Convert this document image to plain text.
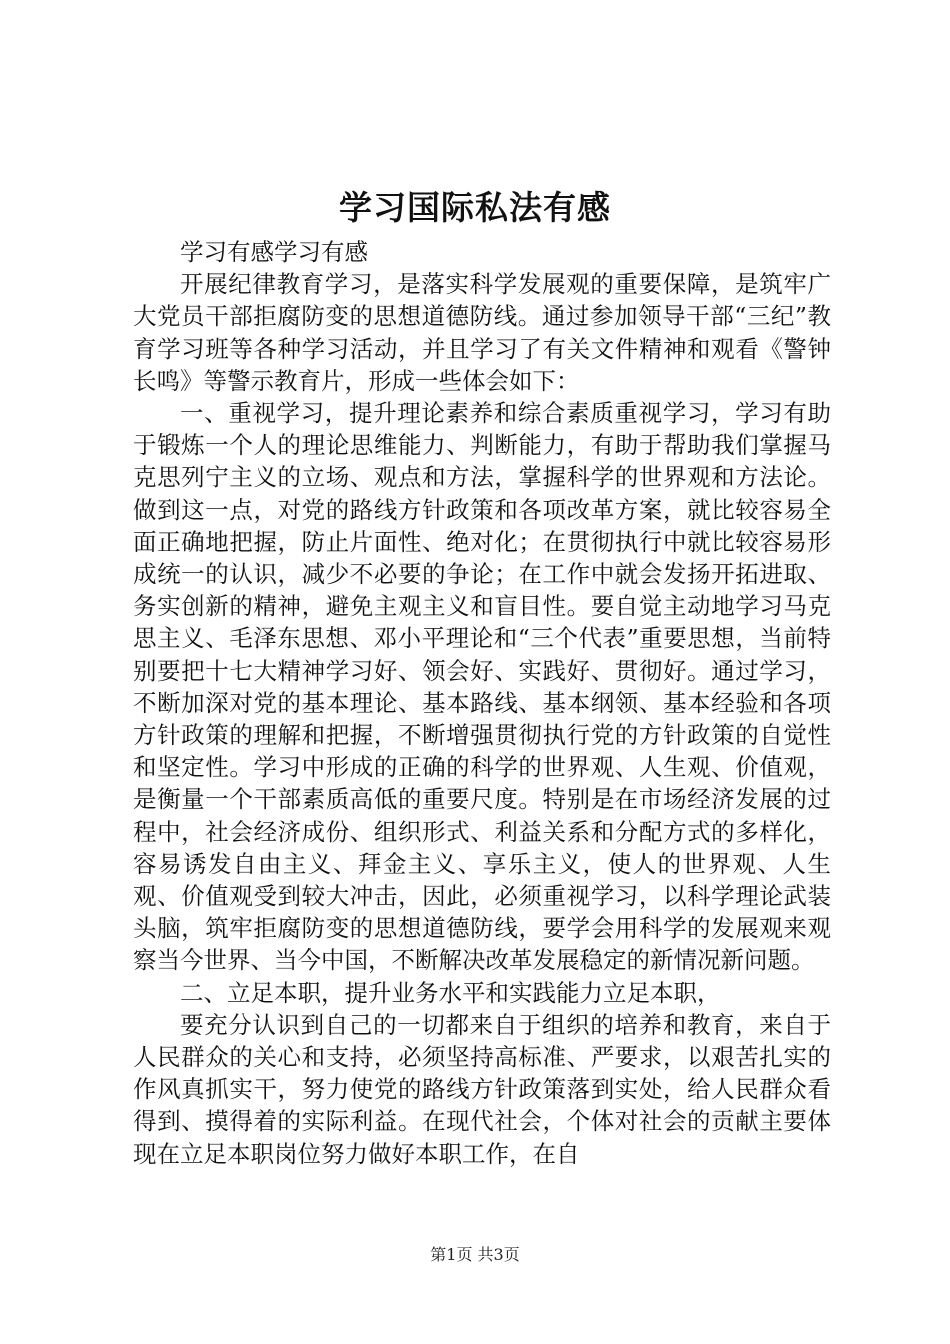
学习国际私法有感

学习有感学习有感

开展纪律教育学习，是落实科学发展观的重要保障，是筑牢广大党员干部拒腐防变的思想道德防线。通过参加领导干部“三纪”教育学习班等各种学习活动，并且学习了有关文件精神和观看《警钟长鸣》等警示教育片，形成一些体会如下：

一、重视学习，提升理论素养和综合素质重视学习，学习有助于锻炼一个人的理论思维能力、判断能力，有助于帮助我们掌握马克思列宁主义的立场、观点和方法，掌握科学的世界观和方法论。做到这一点，对党的路线方针政策和各项改革方案，就比较容易全面正确地把握，防止片面性、绝对化；在贯彻执行中就比较容易形成统一的认识，减少不必要的争论；在工作中就会发扬开拓进取、务实创新的精神，避免主观主义和盲目性。要自觉主动地学习马克思主义、毛泽东思想、邓小平理论和“三个代表”重要思想，当前特别要把十七大精神学习好、领会好、实践好、贯彻好。通过学习，不断加深对党的基本理论、基本路线、基本纲领、基本经验和各项方针政策的理解和把握，不断增强贯彻执行党的方针政策的自觉性和坚定性。学习中形成的正确的科学的世界观、人生观、价值观，是衡量一个干部素质高低的重要尺度。特别是在市场经济发展的过程中，社会经济成份、组织形式、利益关系和分配方式的多样化，容易诱发自由主义、拜金主义、享乐主义，使人的世界观、人生观、价值观受到较大冲击，因此，必须重视学习，以科学理论武装头脑，筑牢拒腐防变的思想道德防线，要学会用科学的发展观来观察当今世界、当今中国，不断解决改革发展稳定的新情况新问题。

二、立足本职，提升业务水平和实践能力立足本职，

要充分认识到自己的一切都来自于组织的培养和教育，来自于人民群众的关心和支持，必须坚持高标准、严要求，以艰苦扎实的作风真抓实干，努力使党的路线方针政策落到实处，给人民群众看得到、摸得着的实际利益。在现代社会，个体对社会的贡献主要体现在立足本职岗位努力做好本职工作，在自

第1页 共3页
